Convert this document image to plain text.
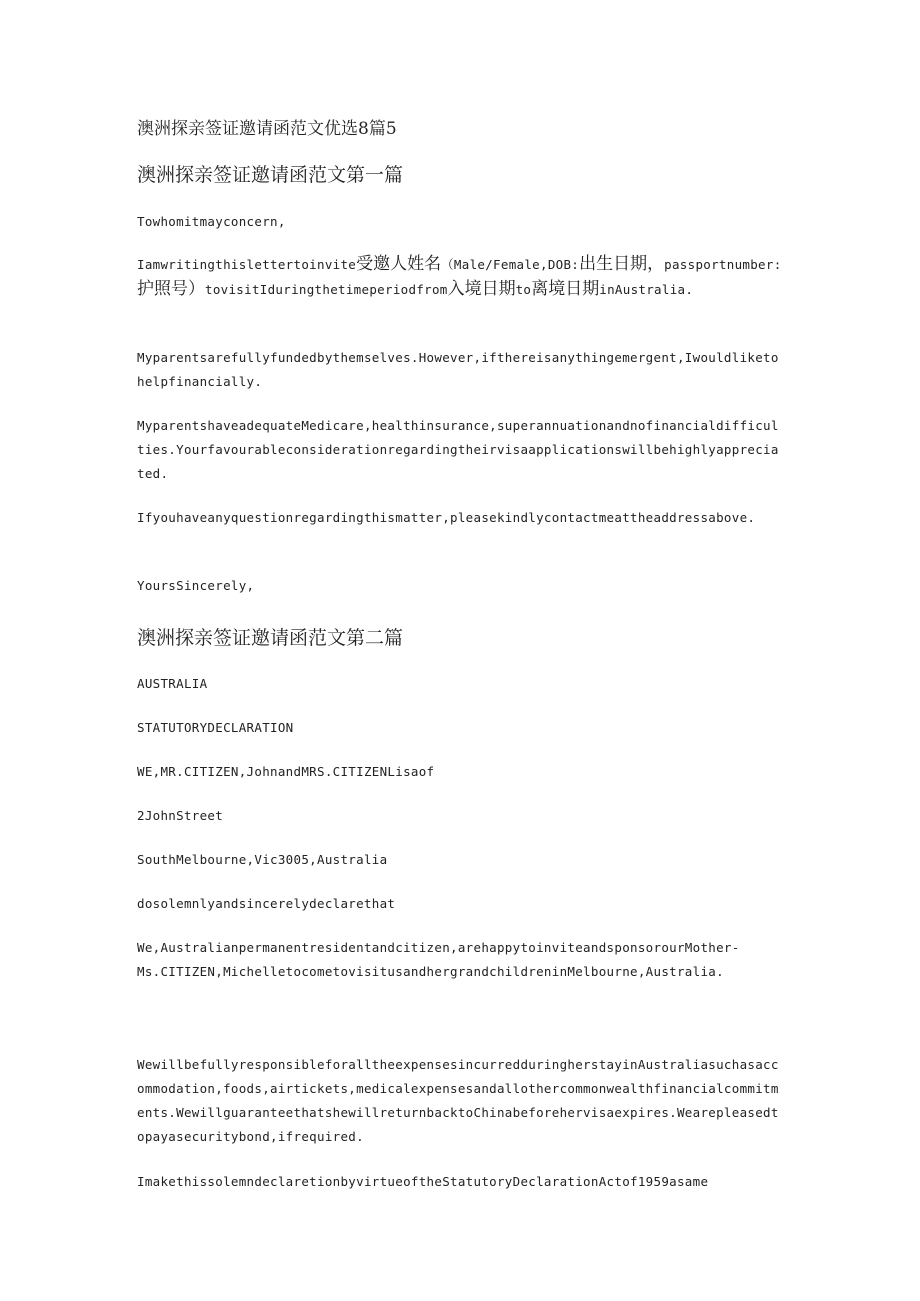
澳洲探亲签证邀请函范文优选8篇5
澳洲探亲签证邀请函范文第一篇

Towhomitmayconcern,

Iamwritingthislettertoinvite受邀人姓名（Male/Female,DOB:出生日期，passportnumber:护照号）tovisitIduringthetimeperiodfrom入境日期to离境日期inAustralia.

Myparentsarefullyfundedbythemselves.However,ifthereisanythingemergent,Iwouldliketohelpfinancially.

MyparentshaveadequateMedicare,healthinsurance,superannuationandnofinancialdifficulties.Yourfavourableconsiderationregardingtheirvisaapplicationswillbehighlyappreciated.

Ifyouhaveanyquestionregardingthismatter,pleasekindlycontactmeattheaddressabove.

YoursSincerely,

澳洲探亲签证邀请函范文第二篇

AUSTRALIA

STATUTORYDECLARATION

WE,MR.CITIZEN,JohnandMRS.CITIZENLisaof

2JohnStreet

SouthMelbourne,Vic3005,Australia

dosolemnlyandsincerelydeclarethat

We,Australianpermanentresidentandcitizen,arehappytoinviteandsponsorourMother-
Ms.CITIZEN,MichelletocometovisitusandhergrandchildreninMelbourne,Australia.

WewillbefullyresponsibleforalltheexpensesincurredduringherstayinAustraliasuchasaccommodation,foods,airtickets,medicalexpensesandallothercommonwealthfinancialcommitments.WewillguaranteethatshewillreturnbacktoChinabeforehervisaexpires.Wearepleasedtopayasecuritybond,ifrequired.

ImakethissolemndeclaretionbyvirtueoftheStatutoryDeclarationActof1959asame
